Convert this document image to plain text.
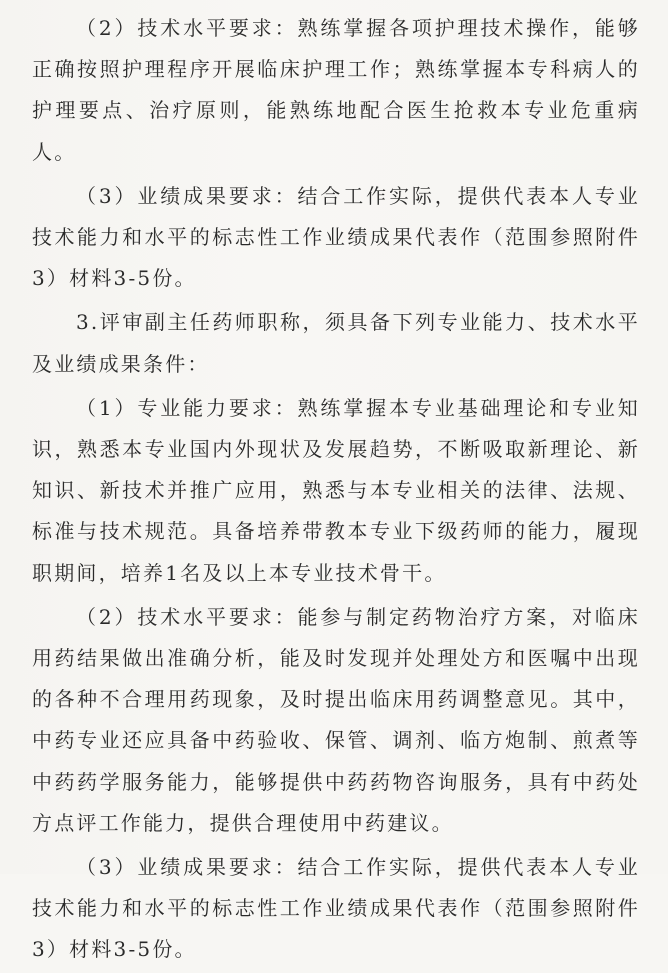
（2）技术水平要求：熟练掌握各项护理技术操作，能够正确按照护理程序开展临床护理工作；熟练掌握本专科病人的护理要点、治疗原则，能熟练地配合医生抢救本专业危重病人。

（3）业绩成果要求：结合工作实际，提供代表本人专业技术能力和水平的标志性工作业绩成果代表作（范围参照附件3）材料3-5份。

3.评审副主任药师职称，须具备下列专业能力、技术水平及业绩成果条件：

（1）专业能力要求：熟练掌握本专业基础理论和专业知识，熟悉本专业国内外现状及发展趋势，不断吸取新理论、新知识、新技术并推广应用，熟悉与本专业相关的法律、法规、标准与技术规范。具备培养带教本专业下级药师的能力，履现职期间，培养1名及以上本专业技术骨干。

（2）技术水平要求：能参与制定药物治疗方案，对临床用药结果做出准确分析，能及时发现并处理处方和医嘱中出现的各种不合理用药现象，及时提出临床用药调整意见。其中，中药专业还应具备中药验收、保管、调剂、临方炮制、煎煮等中药药学服务能力，能够提供中药药物咨询服务，具有中药处方点评工作能力，提供合理使用中药建议。

（3）业绩成果要求：结合工作实际，提供代表本人专业技术能力和水平的标志性工作业绩成果代表作（范围参照附件3）材料3-5份。
